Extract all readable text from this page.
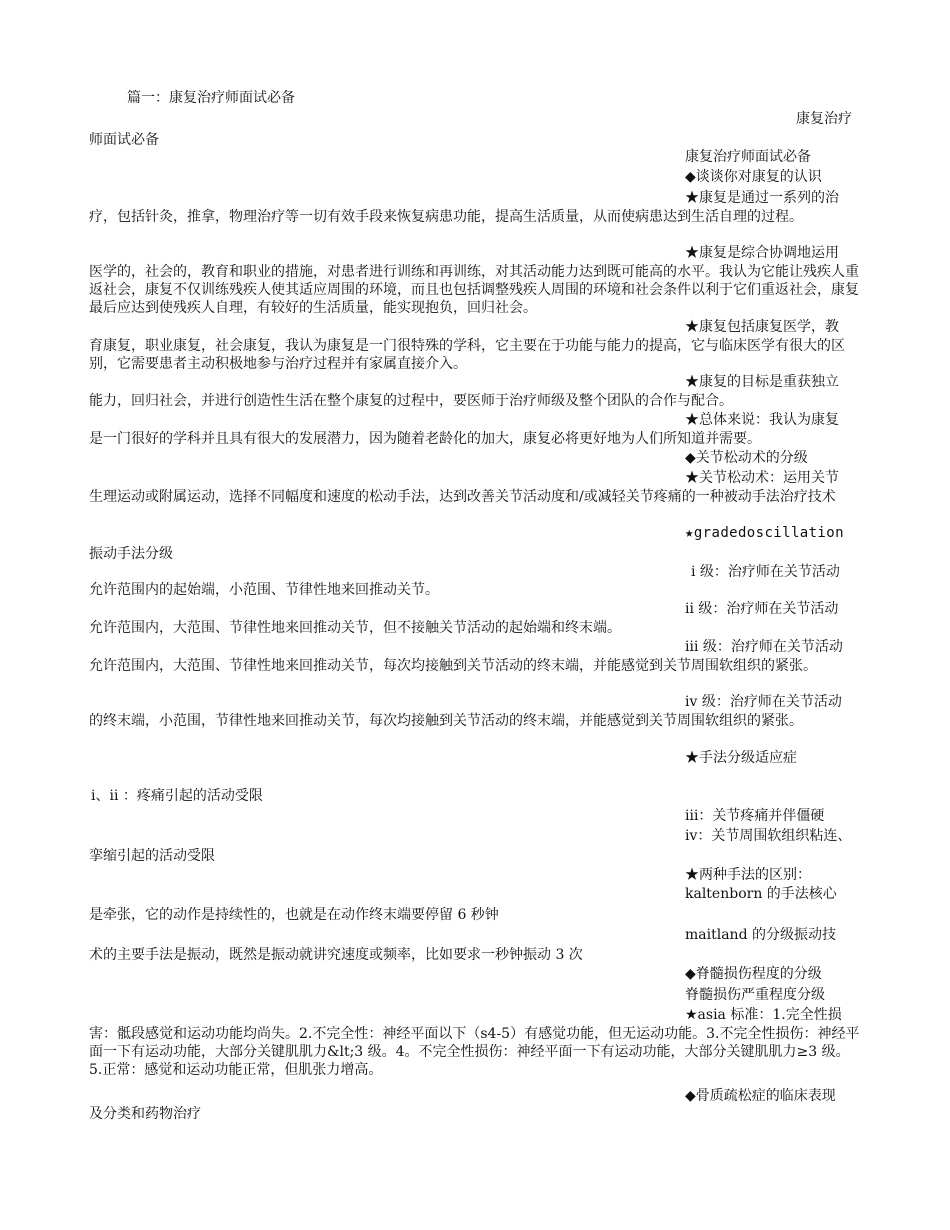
篇一：康复治疗师面试必备
康复治疗
师面试必备
康复治疗师面试必备
◆谈谈你对康复的认识
★康复是通过一系列的治
疗，包括针灸，推拿，物理治疗等一切有效手段来恢复病患功能，提高生活质量，从而使病患达到生活自理的过程。
★康复是综合协调地运用
医学的，社会的，教育和职业的措施，对患者进行训练和再训练，对其活动能力达到既可能高的水平。我认为它能让残疾人重返社会，康复不仅训练残疾人使其适应周围的环境，而且也包括调整残疾人周围的环境和社会条件以利于它们重返社会，康复最后应达到使残疾人自理，有较好的生活质量，能实现抱负，回归社会。
★康复包括康复医学，教
育康复，职业康复，社会康复，我认为康复是一门很特殊的学科，它主要在于功能与能力的提高，它与临床医学有很大的区别，它需要患者主动积极地参与治疗过程并有家属直接介入。
★康复的目标是重获独立
能力，回归社会，并进行创造性生活在整个康复的过程中，要医师于治疗师级及整个团队的合作与配合。
★总体来说：我认为康复
是一门很好的学科并且具有很大的发展潜力，因为随着老龄化的加大，康复必将更好地为人们所知道并需要。
◆关节松动术的分级
★关节松动术：运用关节
生理运动或附属运动，选择不同幅度和速度的松动手法，达到改善关节活动度和/或减轻关节疼痛的一种被动手法治疗技术
★gradedoscillation
振动手法分级
ⅰ 级：治疗师在关节活动
允许范围内的起始端，小范围、节律性地来回推动关节。
ⅱ 级：治疗师在关节活动
允许范围内，大范围、节律性地来回推动关节，但不接触关节活动的起始端和终末端。
ⅲ 级：治疗师在关节活动
允许范围内，大范围、节律性地来回推动关节，每次均接触到关节活动的终末端，并能感觉到关节周围软组织的紧张。
ⅳ 级：治疗师在关节活动
的终末端，小范围，节律性地来回推动关节，每次均接触到关节活动的终末端，并能感觉到关节周围软组织的紧张。
★手法分级适应症
ⅰ、ⅱ ：疼痛引起的活动受限
ⅲ：关节疼痛并伴僵硬
ⅳ：关节周围软组织粘连、
挛缩引起的活动受限
★两种手法的区别：
kaltenborn 的手法核心
是牵张，它的动作是持续性的，也就是在动作终末端要停留 6 秒钟
maitland 的分级振动技
术的主要手法是振动，既然是振动就讲究速度或频率，比如要求一秒钟振动 3 次
◆脊髓损伤程度的分级
脊髓损伤严重程度分级
★asia 标准：1.完全性损
害：骶段感觉和运动功能均尚失。2.不完全性：神经平面以下（s4-5）有感觉功能，但无运动功能。3.不完全性损伤：神经平面一下有运动功能，大部分关键肌肌力&lt;3 级。4。不完全性损伤：神经平面一下有运动功能，大部分关键肌肌力≥3 级。5.正常：感觉和运动功能正常，但肌张力增高。
◆骨质疏松症的临床表现
及分类和药物治疗
